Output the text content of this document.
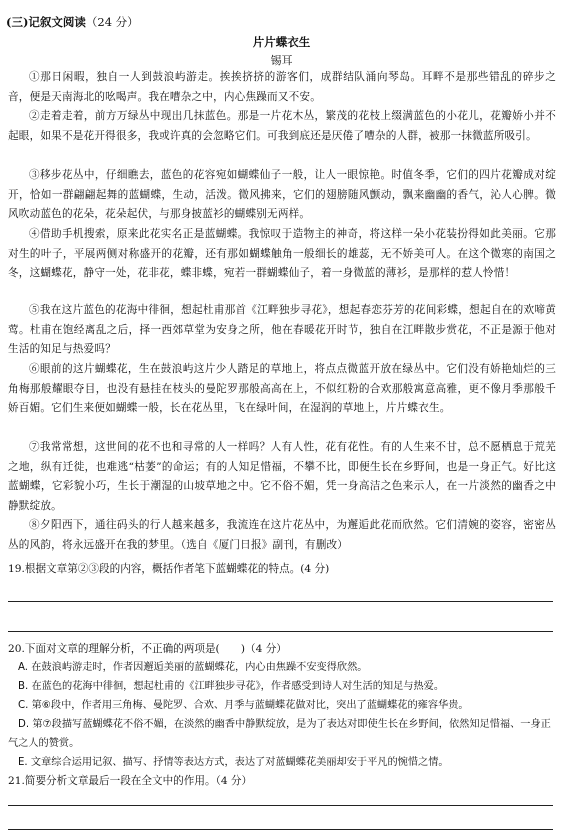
(三)记叙文阅读（24 分）
片片蝶衣生
锡耳
①那日闲暇，独自一人到鼓浪屿游走。挨挨挤挤的游客们，成群结队涌向琴岛。耳畔不是那些错乱的碎步之音，便是天南海北的吆喝声。我在嘈杂之中，内心焦躁而又不安。
②走着走着，前方万绿丛中现出几抹蓝色。那是一片花木丛，繁茂的花枝上缀满蓝色的小花儿，花瓣娇小并不起眼，如果不是花开得很多，我或许真的会忽略它们。可我到底还是厌倦了嘈杂的人群，被那一抹微蓝所吸引。
③移步花丛中，仔细瞧去，蓝色的花容宛如蝴蝶仙子一般，让人一眼惊艳。时值冬季，它们的四片花瓣成对绽开，恰如一群翩翩起舞的蓝蝴蝶，生动，活泼。微风拂来，它们的翅膀随风颤动，飘来幽幽的香气，沁人心脾。微风吹动蓝色的花朵，花朵起伏，与那身披蓝衫的蝴蝶别无两样。
④借助手机搜索，原来此花实名正是蓝蝴蝶。我惊叹于造物主的神奇，将这样一朵小花装扮得如此美丽。它那对生的叶子，平展两侧对称盛开的花瓣，还有那如蝴蝶触角一般细长的雄蕊，无不娇美可人。在这个微寒的南国之冬，这蝴蝶花，静守一处，花非花，蝶非蝶，宛若一群蝴蝶仙子，着一身微蓝的薄衫，是那样的惹人怜惜！
⑤我在这片蓝色的花海中徘徊，想起杜甫那首《江畔独步寻花》，想起春恋芬芳的花间彩蝶，想起自在的欢啼黄莺。杜甫在饱经离乱之后，择一西郊草堂为安身之所，他在春暖花开时节，独自在江畔散步赏花，不正是源于他对生活的知足与热爱吗？
⑥眼前的这片蝴蝶花，生在鼓浪屿这片少人踏足的草地上，将点点微蓝开放在绿丛中。它们没有娇艳灿烂的三角梅那般耀眼夺目，也没有悬挂在枝头的曼陀罗那般高高在上，不似红粉的合欢那般寓意高雅，更不像月季那般千娇百媚。它们生来便如蝴蝶一般，长在花丛里，飞在绿叶间，在湿润的草地上，片片蝶衣生。
⑦我常常想，这世间的花不也和寻常的人一样吗？人有人性，花有花性。有的人生来不甘，总不愿栖息于荒芜之地，纵有迁徙，也难逃“枯萎”的命运；有的人知足惜福，不攀不比，即便生长在乡野间，也是一身正气。好比这蓝蝴蝶，它彩貌小巧，生长于潮湿的山坡草地之中。它不俗不媚，凭一身高洁之色来示人，在一片淡然的幽香之中静默绽放。
⑧夕阳西下，通往码头的行人越来越多，我流连在这片花丛中，为邂逅此花而欣然。它们清婉的姿容，密密丛丛的风韵，将永远盛开在我的梦里。（选自《厦门日报》副刊，有删改）
19.根据文章第②③段的内容，概括作者笔下蓝蝴蝶花的特点。(4 分)
20.下面对文章的理解分析，不正确的两项是(　　)（4 分）
A. 在鼓浪屿游走时，作者因邂逅美丽的蓝蝴蝶花，内心由焦躁不安变得欣然。
B. 在蓝色的花海中徘徊，想起杜甫的《江畔独步寻花》，作者感受到诗人对生活的知足与热爱。
C. 第⑥段中，作者用三角梅、曼陀罗、合欢、月季与蓝蝴蝶花做对比，突出了蓝蝴蝶花的雍容华贵。
D. 第⑦段描写蓝蝴蝶花不俗不媚，在淡然的幽香中静默绽放，是为了表达对即使生长在乡野间，依然知足惜福、一身正气之人的赞赏。
E. 文章综合运用记叙、描写、抒情等表达方式，表达了对蓝蝴蝶花美丽却安于平凡的惋惜之情。
21.简要分析文章最后一段在全文中的作用。（4 分）
